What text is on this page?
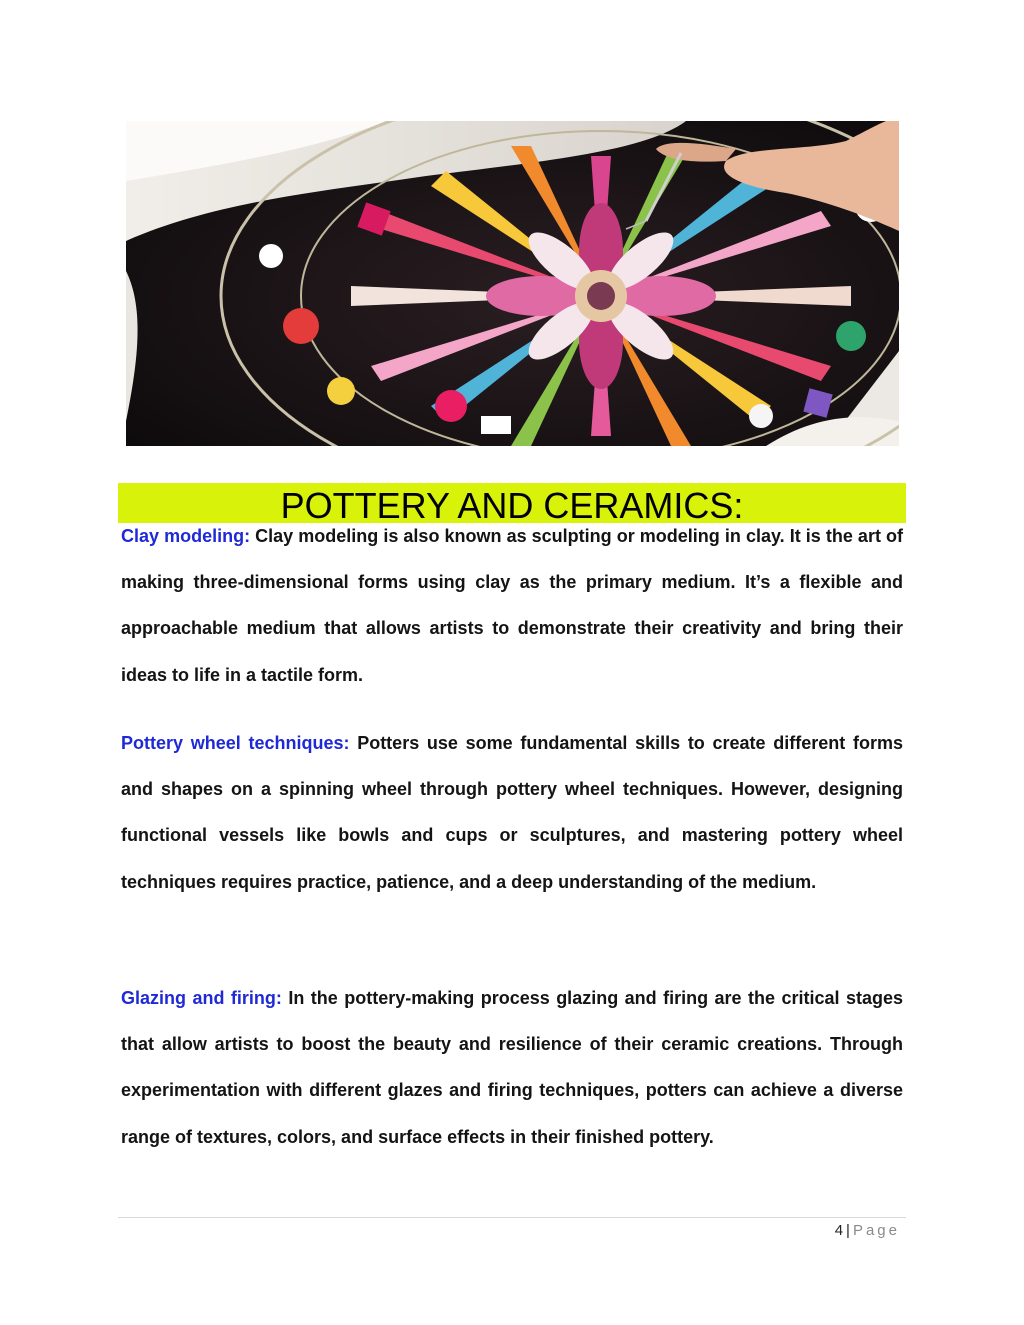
POTTERY AND CERAMICS:

Clay modeling: Clay modeling is also known as sculpting or modeling in clay. It is the art of making three-dimensional forms using clay as the primary medium. It’s a flexible and approachable medium that allows artists to demonstrate their creativity and bring their ideas to life in a tactile form.

Pottery wheel techniques: Potters use some fundamental skills to create different forms and shapes on a spinning wheel through pottery wheel techniques. However, designing functional vessels like bowls and cups or sculptures, and mastering pottery wheel techniques requires practice, patience, and a deep understanding of the medium.

Glazing and firing: In the pottery-making process glazing and firing are the critical stages that allow artists to boost the beauty and resilience of their ceramic creations. Through experimentation with different glazes and firing techniques, potters can achieve a diverse range of textures, colors, and surface effects in their finished pottery.

4 | Page
